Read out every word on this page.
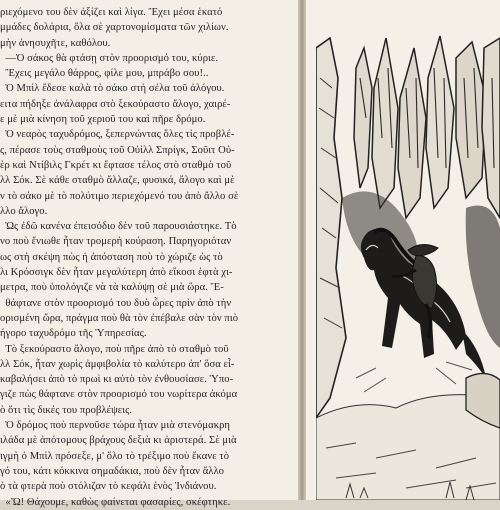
ριεχόμενο του δὲν ἀξίζει καὶ λίγα. Ἔχει μέσα ἑκατό
μμάδες δολάρια, ὅλα σὲ χαρτονομίσματα τῶν χιλίων.
μὴν ἀνησυχῆτε, καθόλου.
—Ὁ σάκος θὰ φτάσῃ στὸν προορισμό του, κύριε.
Ἔχεις μεγάλο θάρρος, φίλε μου, μπράβο σου!..
Ὁ Μπὶλ ἔδεσε καλὰ τὸ σάκο στὴ σέλα τοῦ ἀλόγου.
ειτα πήδηξε ἀνάλαφρα στὸ ξεκούραστο ἄλογο, χαιρέ-
ε μὲ μιὰ κίνηση τοῦ χεριοῦ του καὶ πῆρε δρόμο.
Ὁ νεαρὸς ταχυδρόμος, ξεπερνώντας ὅλες τὶς προβλέ-
ς, πέρασε τοὺς σταθμοὺς τοῦ Οὐὶλλ Σπρίγκ, Σοῦιτ Οὐ-
ὲρ καὶ Ντίβιλς Γκρέτ κι ἔφτασε τέλος στὸ σταθμὸ τοῦ
λλ Σόκ. Σὲ κάθε σταθμὸ ἄλλαζε, φυσικά, ἄλογο καὶ μὲ
ν τὸ σάκο μὲ τὸ πολύτιμο περιεχόμενό του ἀπὸ ἄλλο σὲ
λλο ἄλογο.
Ὡς ἐδῶ κανένα ἐπεισόδιο δὲν τοῦ παρουσιάστηκε. Τὸ
νο ποὺ ἔνιωθε ἦταν τρομερὴ κούραση. Παρηγοριόταν
ως στὴ σκέψη πὼς ἡ ἀπόσταση ποὺ τὸ χώριζε ὡς τὸ
λι Κρόσσιγκ δὲν ἦταν μεγαλύτερη ἀπὸ εἴκοσι ἑφτὰ χι-
μετρα, ποὺ ὑπολόγιζε νὰ τὰ καλύψῃ σὲ μιὰ ὥρα. Ἔ-
θάφτανε στὸν προορισμό του δυὸ ὧρες πρὶν ἀπὸ τὴν
ορισμένη ὥρα, πράγμα ποὺ θὰ τὸν ἐπέβαλε σὰν τὸν πιὸ
ήγορο ταχυδρόμο τῆς Ὑπηρεσίας.
Τὸ ξεκούραστο ἄλογο, ποὺ πῆρε ἀπὸ τὸ σταθμὸ τοῦ
λλ Σόκ, ἦταν χωρὶς ἀμφιβολία τὸ καλύτερο ἀπ' ὅσα εἶ-
καβαλήσει ἀπὸ τὸ πρωὶ κι αὐτὸ τὸν ἐνθουσίασε. Ὑπο-
γιζε πὼς θάφτανε στὸν προορισμό του νωρίτερα ἀκόμα
ὸ ὅτι τὶς δικές του προβλέψεις.
Ὁ δρόμος ποὺ περνοῦσε τώρα ἦταν μιὰ στενόμακρη
ιλάδα μὲ ἀπότομους βράχους δεξιὰ κι ἀριστερά. Σὲ μιὰ
ιγμὴ ὁ Μπὶλ πρόσεξε, μ' ὅλο τὸ τρέξιμο ποὺ ἔκανε τὸ
γό του, κάτι κόκκινα σημαδάκια, ποὺ δὲν ἦταν ἄλλο
ὸ τὰ φτερὰ ποὺ στόλιζαν τὸ κεφάλι ἑνὸς Ἰνδιάνου.
«Ὤ! Θάχουμε, καθὼς φαίνεται φασαρίες, σκέφτηκε.
